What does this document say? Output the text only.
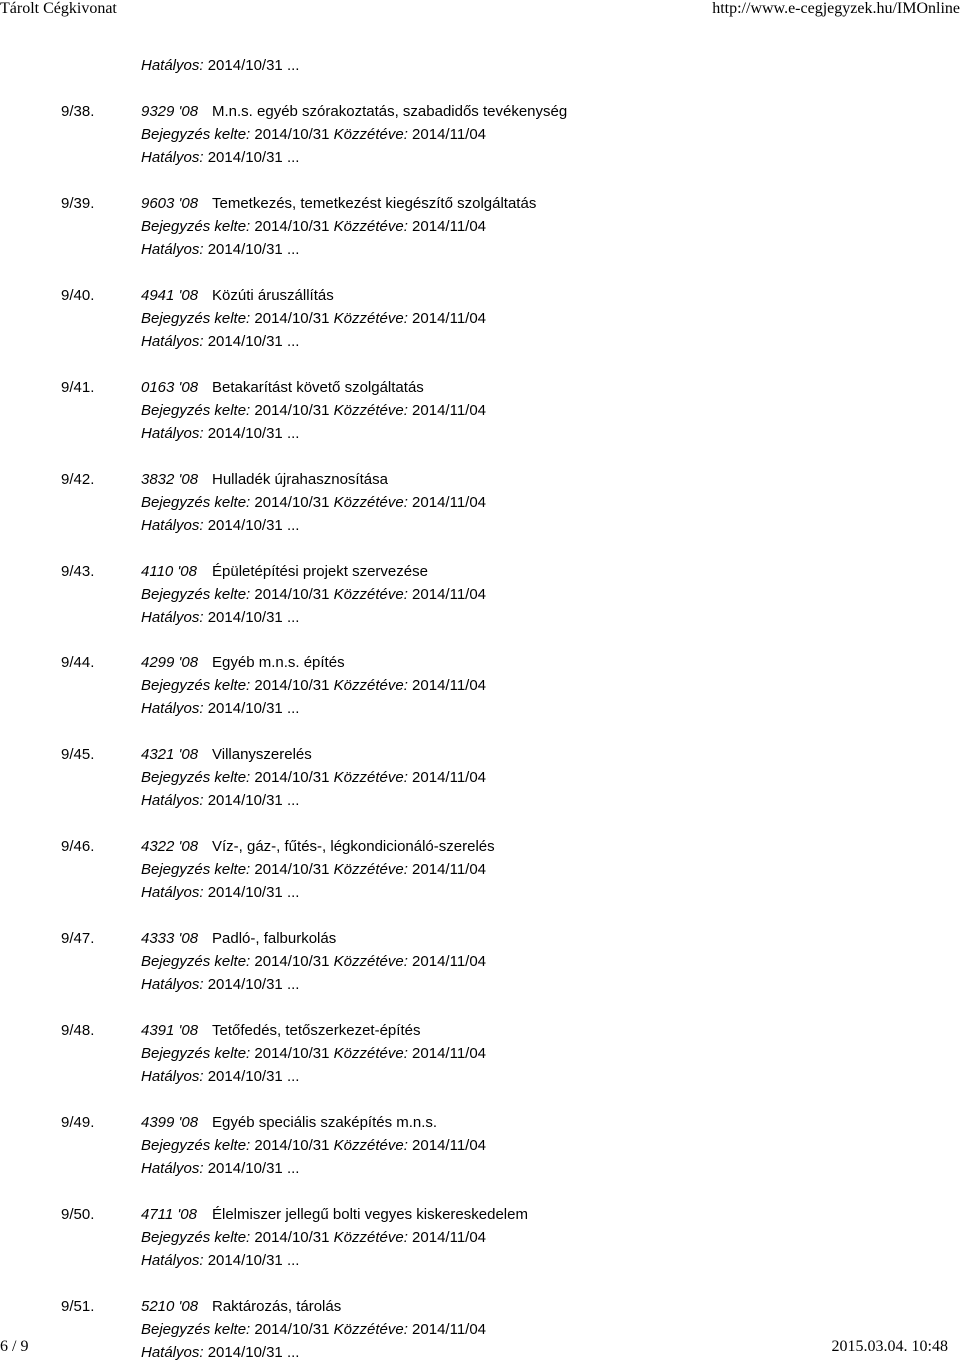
Tárolt Cégkivonat	http://www.e-cegjegyzek.hu/IMOnline
Hatályos: 2014/10/31 ...
9/38.	9329 '08 M.n.s. egyéb szórakoztatás, szabadidős tevékenység
Bejegyzés kelte: 2014/10/31 Közzétéve: 2014/11/04
Hatályos: 2014/10/31 ...
9/39.	9603 '08 Temetkezés, temetkezést kiegészítő szolgáltatás
Bejegyzés kelte: 2014/10/31 Közzétéve: 2014/11/04
Hatályos: 2014/10/31 ...
9/40.	4941 '08 Közúti áruszállítás
Bejegyzés kelte: 2014/10/31 Közzétéve: 2014/11/04
Hatályos: 2014/10/31 ...
9/41.	0163 '08 Betakarítást követő szolgáltatás
Bejegyzés kelte: 2014/10/31 Közzétéve: 2014/11/04
Hatályos: 2014/10/31 ...
9/42.	3832 '08 Hulladék újrahasznosítása
Bejegyzés kelte: 2014/10/31 Közzétéve: 2014/11/04
Hatályos: 2014/10/31 ...
9/43.	4110 '08 Épületépítési projekt szervezése
Bejegyzés kelte: 2014/10/31 Közzétéve: 2014/11/04
Hatályos: 2014/10/31 ...
9/44.	4299 '08 Egyéb m.n.s. építés
Bejegyzés kelte: 2014/10/31 Közzétéve: 2014/11/04
Hatályos: 2014/10/31 ...
9/45.	4321 '08 Villanyszerelés
Bejegyzés kelte: 2014/10/31 Közzétéve: 2014/11/04
Hatályos: 2014/10/31 ...
9/46.	4322 '08 Víz-, gáz-, fűtés-, légkondicionáló-szerelés
Bejegyzés kelte: 2014/10/31 Közzétéve: 2014/11/04
Hatályos: 2014/10/31 ...
9/47.	4333 '08 Padló-, falburkolás
Bejegyzés kelte: 2014/10/31 Közzétéve: 2014/11/04
Hatályos: 2014/10/31 ...
9/48.	4391 '08 Tetőfedés, tetőszerkezet-építés
Bejegyzés kelte: 2014/10/31 Közzétéve: 2014/11/04
Hatályos: 2014/10/31 ...
9/49.	4399 '08 Egyéb speciális szaképítés m.n.s.
Bejegyzés kelte: 2014/10/31 Közzétéve: 2014/11/04
Hatályos: 2014/10/31 ...
9/50.	4711 '08 Élelmiszer jellegű bolti vegyes kiskereskedelem
Bejegyzés kelte: 2014/10/31 Közzétéve: 2014/11/04
Hatályos: 2014/10/31 ...
9/51.	5210 '08 Raktározás, tárolás
Bejegyzés kelte: 2014/10/31 Közzétéve: 2014/11/04
Hatályos: 2014/10/31 ...
6 / 9	2015.03.04. 10:48
